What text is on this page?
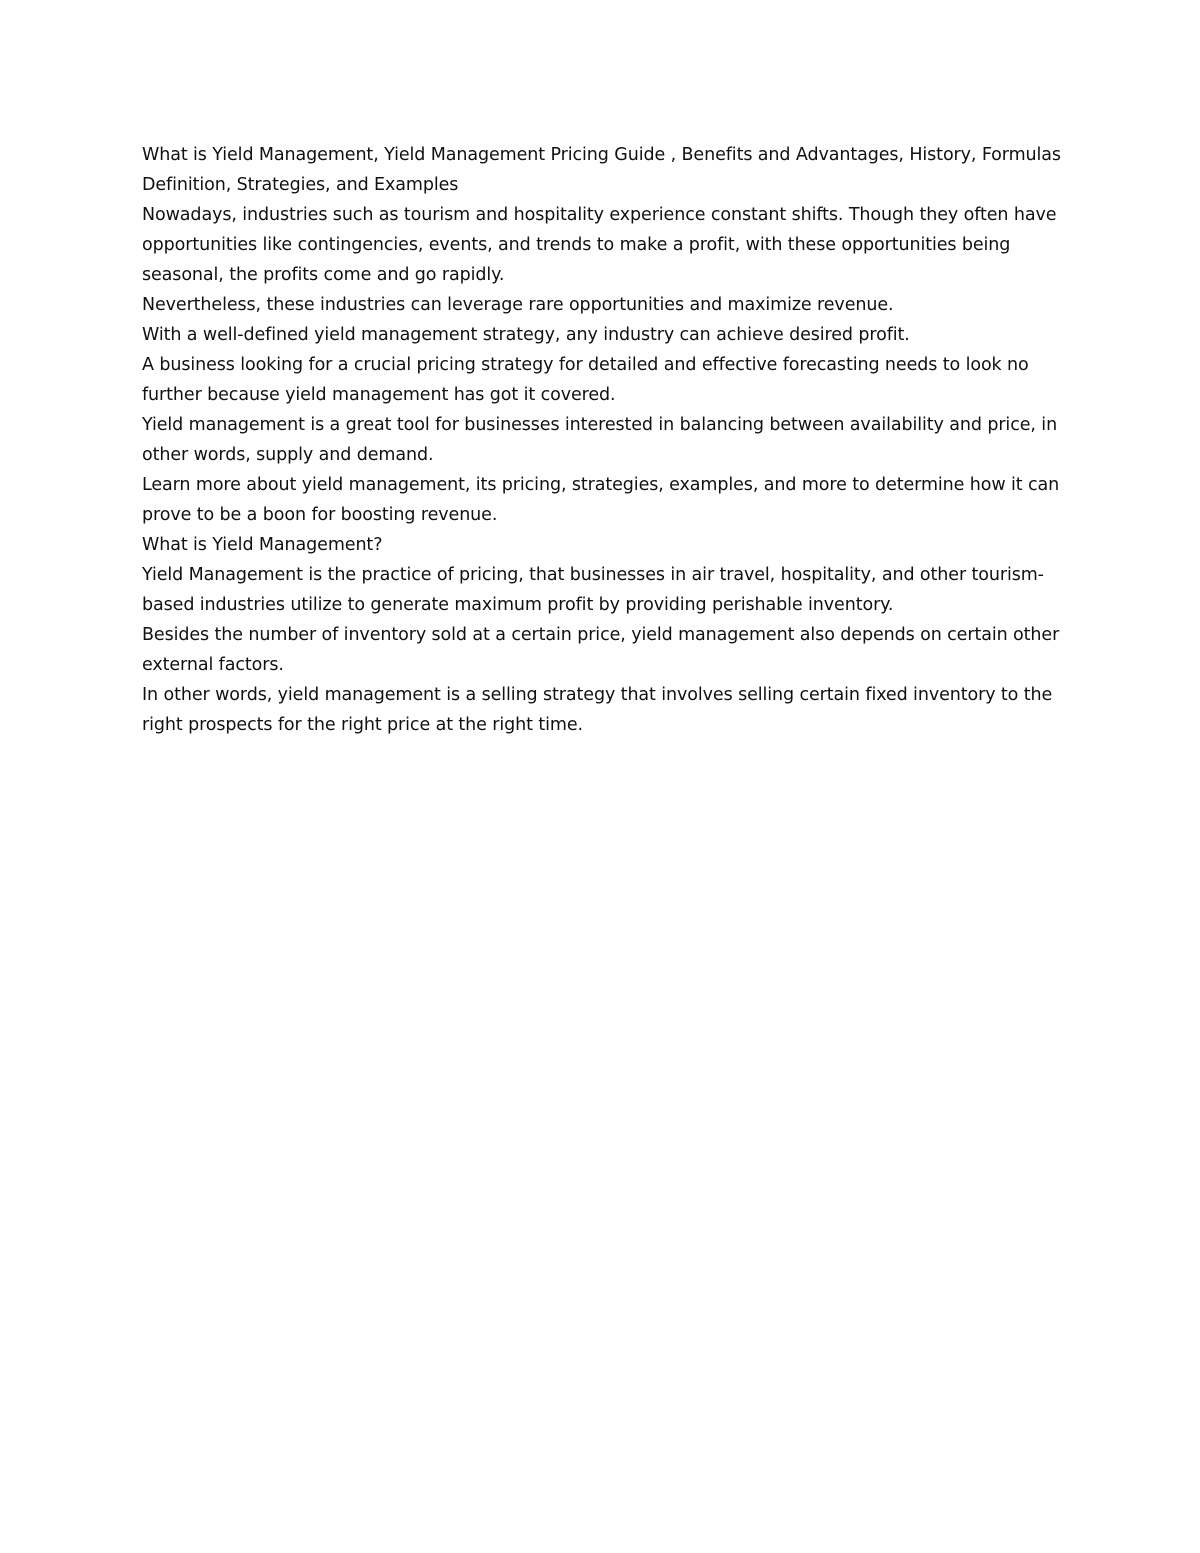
What is Yield Management, Yield Management Pricing Guide , Benefits and Advantages, History, Formulas Definition, Strategies, and Examples

Nowadays, industries such as tourism and hospitality experience constant shifts. Though they often have opportunities like contingencies, events, and trends to make a profit, with these opportunities being seasonal, the profits come and go rapidly.

Nevertheless, these industries can leverage rare opportunities and maximize revenue.

With a well-defined yield management strategy, any industry can achieve desired profit.

A business looking for a crucial pricing strategy for detailed and effective forecasting needs to look no further because yield management has got it covered.

Yield management is a great tool for businesses interested in balancing between availability and price, in other words, supply and demand.

Learn more about yield management, its pricing, strategies, examples, and more to determine how it can prove to be a boon for boosting revenue.

What is Yield Management?

Yield Management is the practice of pricing, that businesses in air travel, hospitality, and other tourism-based industries utilize to generate maximum profit by providing perishable inventory.

Besides the number of inventory sold at a certain price, yield management also depends on certain other external factors.

In other words, yield management is a selling strategy that involves selling certain fixed inventory to the right prospects for the right price at the right time.
